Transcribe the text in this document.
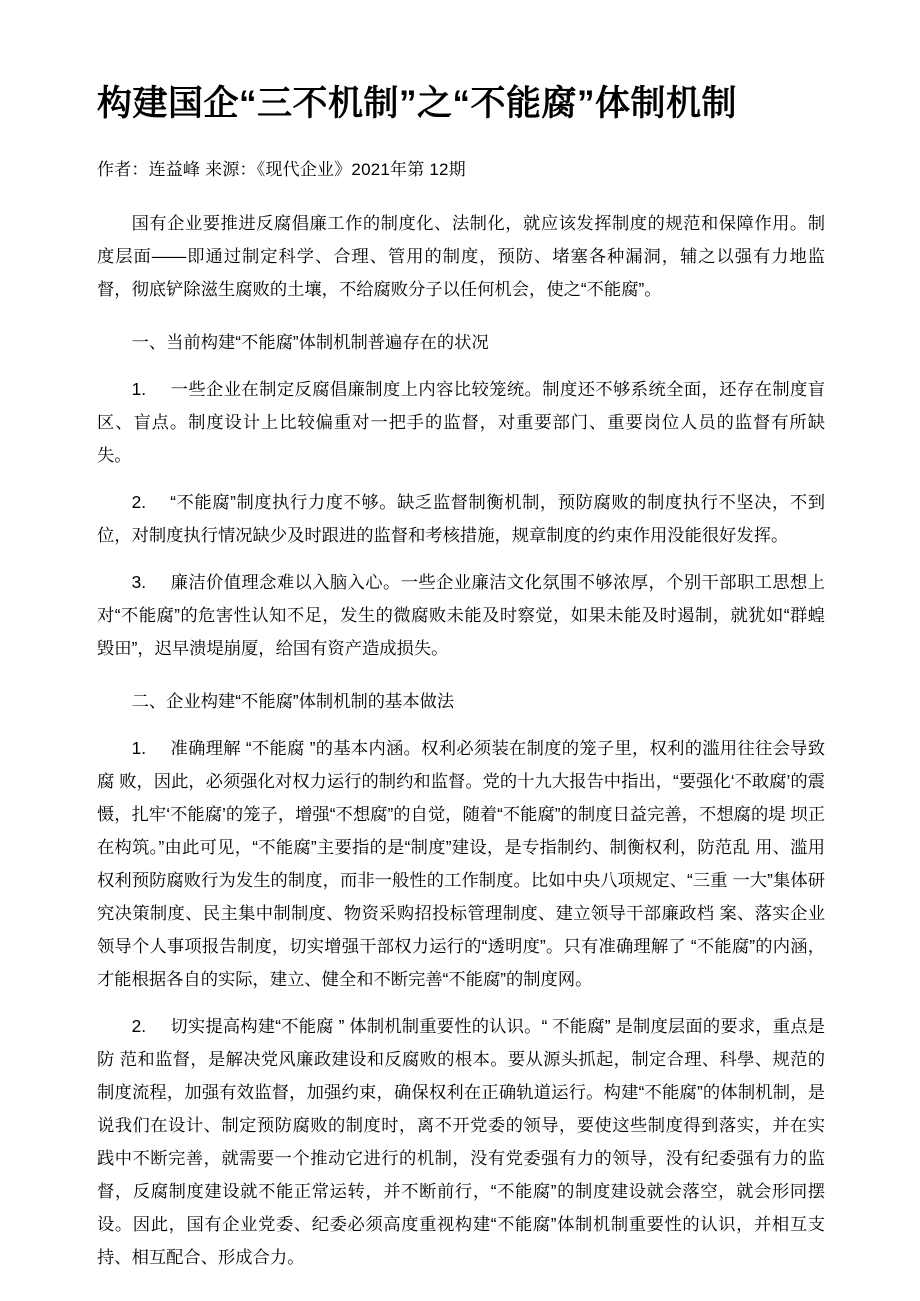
构建国企“三不机制”之“不能腐”体制机制

作者：连益峰 来源：《现代企业》2021年第 12期

国有企业要推进反腐倡廉工作的制度化、法制化，就应该发挥制度的规范和保障作用。制 度层面——即通过制定科学、合理、管用的制度，预防、堵塞各种漏洞，辅之以强有力地监 督，彻底铲除滋生腐败的土壤，不给腐败分子以任何机会，使之“不能腐”。

一、当前构建“不能腐”体制机制普遍存在的状况

1. 一些企业在制定反腐倡廉制度上内容比较笼统。制度还不够系统全面，还存在制度盲区、盲点。制度设计上比较偏重对一把手的监督，对重要部门、重要岗位人员的监督有所缺 失。

2. “不能腐”制度执行力度不够。缺乏监督制衡机制，预防腐败的制度执行不坚决，不到位，对制度执行情况缺少及时跟进的监督和考核措施，规章制度的约束作用没能很好发挥。

3. 廉洁价值理念难以入脑入心。一些企业廉洁文化氛围不够浓厚，个别干部职工思想上对“不能腐”的危害性认知不足，发生的微腐败未能及时察觉，如果未能及时遏制，就犹如“群蝗 毁田”，迟早溃堤崩厦，给国有资产造成损失。

二、企业构建“不能腐”体制机制的基本做法

1. 准确理解 “不能腐 ”的基本内涵。权利必须装在制度的笼子里，权利的滥用往往会导致腐 败，因此，必须强化对权力运行的制约和监督。党的十九大报告中指出，“要强化‘不敢腐’的震慑，扎牢‘不能腐’的笼子，增强“不想腐”的自觉，随着“不能腐”的制度日益完善，不想腐的堤 坝正在构筑。”由此可见，“不能腐”主要指的是“制度”建设，是专指制约、制衡权利，防范乱 用、滥用权利预防腐败行为发生的制度，而非一般性的工作制度。比如中央八项规定、“三重 一大”集体研究决策制度、民主集中制制度、物资采购招投标管理制度、建立领导干部廉政档 案、落实企业领导个人事项报告制度，切实增强干部权力运行的“透明度”。只有准确理解了 “不能腐”的内涵，才能根据各自的实际，建立、健全和不断完善“不能腐”的制度网。

2. 切实提高构建“不能腐 ” 体制机制重要性的认识。“ 不能腐” 是制度层面的要求，重点是防 范和监督，是解决党风廉政建设和反腐败的根本。要从源头抓起，制定合理、科學、规范的制度流程，加强有效监督，加强约束，确保权利在正确轨道运行。构建“不能腐”的体制机制，是 说我们在设计、制定预防腐败的制度时，离不开党委的领导，要使这些制度得到落实，并在实 践中不断完善，就需要一个推动它进行的机制，没有党委强有力的领导，没有纪委强有力的监 督，反腐制度建设就不能正常运转，并不断前行，“不能腐”的制度建设就会落空，就会形同摆 设。因此，国有企业党委、纪委必须高度重视构建“不能腐”体制机制重要性的认识，并相互支 持、相互配合、形成合力。
